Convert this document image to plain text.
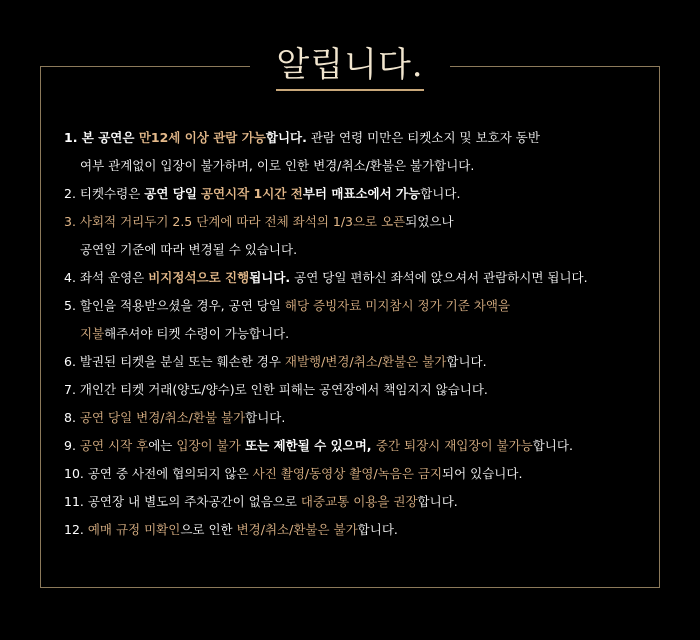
알립니다.
1. 본 공연은 만12세 이상 관람 가능 합니다. 관람 연령 미만은 티켓소지 및 보호자 동반
여부 관계없이 입장이 불가하며, 이로 인한 변경/취소/환불은 불가합니다.
2. 티켓수령은 공연 당일
공연시작 1시간 전 부터 매표소에서 가능 합니다.
3. 사회적 거리두기 2.5 단계에 따라 전체 좌석의 1/3으로 오픈 되었으나
공연일 기준에 따라 변경될 수 있습니다.
4. 좌석 운영은 비지정석으로 진행 됩니다. 공연 당일 편하신 좌석에 앉으셔서 관람하시면 됩니다.
5. 할인을 적용받으셨을 경우, 공연 당일 해당 증빙자료 미지참시 정가 기준 차액을
지불 해주셔야 티켓 수령이 가능합니다.
6. 발권된 티켓을 분실 또는 훼손한 경우 재발행/변경/취소/환불은 불가 합니다.
7. 개인간 티켓 거래(양도/양수)로 인한 피해는 공연장에서 책임지지 않습니다.
8. 공연 당일 변경/취소/환불 불가 합니다.
9. 공연 시작 후 에는 입장이 불가 또는 제한될 수 있으며, 중간 퇴장시 재입장이 불가능 합니다.
10. 공연 중 사전에 협의되지 않은 사진 촬영/동영상 촬영/녹음은 금지 되어 있습니다.
11. 공연장 내 별도의 주차공간이 없음으로 대중교통 이용을 권장 합니다.
12. 예매 규정 미확인 으로 인한 변경/취소/환불은 불가 합니다.
